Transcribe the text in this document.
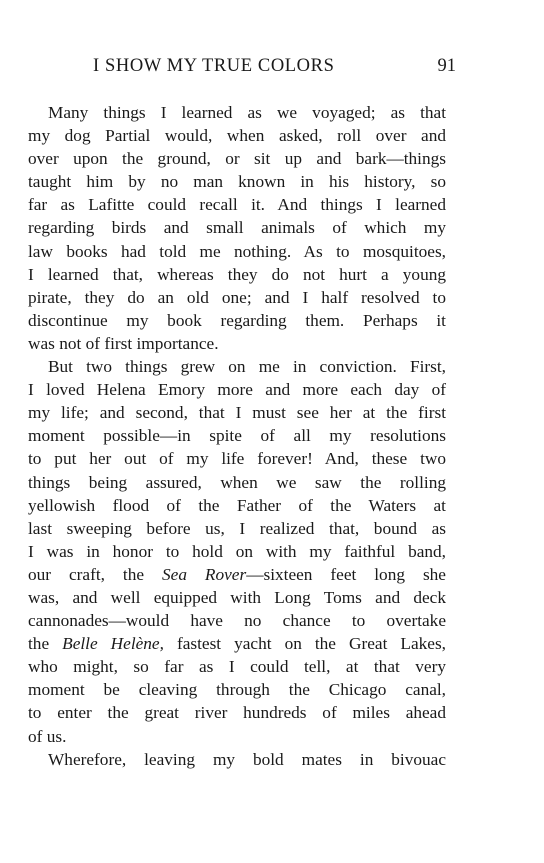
I SHOW MY TRUE COLORS	91
Many things I learned as we voyaged; as that
my dog Partial would, when asked, roll over and
over upon the ground, or sit up and bark—things
taught him by no man known in his history, so
far as Lafitte could recall it. And things I learned
regarding birds and small animals of which my
law books had told me nothing. As to mosquitoes,
I learned that, whereas they do not hurt a young
pirate, they do an old one; and I half resolved to
discontinue my book regarding them. Perhaps it
was not of first importance.
But two things grew on me in conviction. First,
I loved Helena Emory more and more each day of
my life; and second, that I must see her at the first
moment possible—in spite of all my resolutions
to put her out of my life forever! And, these two
things being assured, when we saw the rolling
yellowish flood of the Father of the Waters at
last sweeping before us, I realized that, bound as
I was in honor to hold on with my faithful band,
our craft, the Sea Rover—sixteen feet long she
was, and well equipped with Long Toms and deck
cannonades—would have no chance to overtake
the Belle Helène, fastest yacht on the Great Lakes,
who might, so far as I could tell, at that very
moment be cleaving through the Chicago canal,
to enter the great river hundreds of miles ahead
of us.
Wherefore, leaving my bold mates in bivouac
